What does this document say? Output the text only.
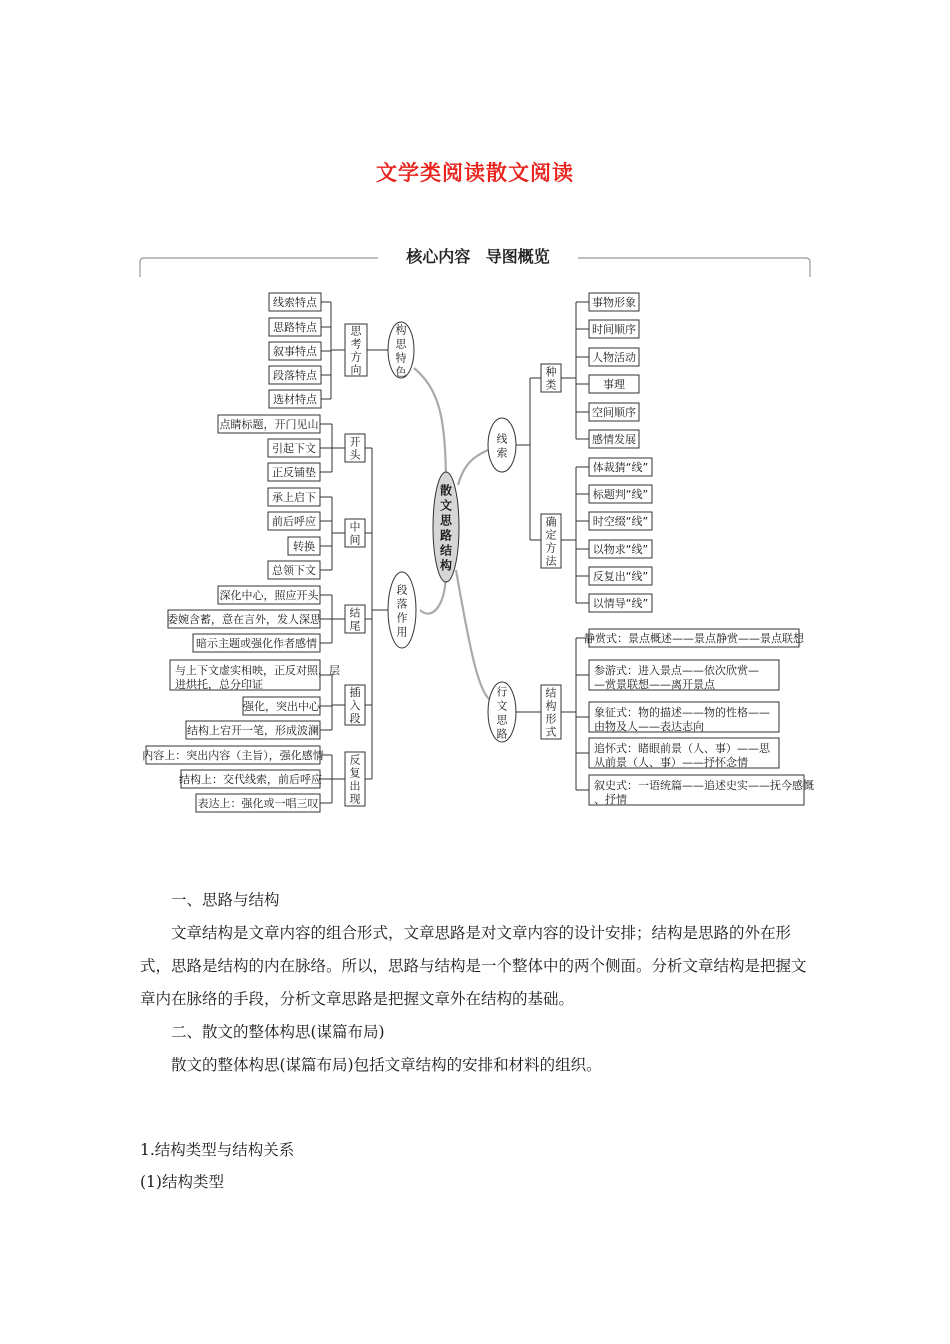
文学类阅读散文阅读
线索特点
思路特点
叙事特点
段落特点
选材特点
思
考
方
向
构
思
特
色
点睛标题，开门见山
引起下文
正反铺垫
开
头
承上启下
前后呼应
转换
总领下文
中
间
深化中心，照应开头
委婉含蓄，意在言外，发人深思
暗示主题或强化作者感情
结
尾
与上下文虚实相映，正反对照，层
进烘托，总分印证
强化，突出中心
结构上宕开一笔，形成波澜
插
入
段
内容上：突出内容（主旨），强化感情
结构上：交代线索，前后呼应
表达上：强化或一唱三叹
反
复
出
现
段
落
作
用
散
文
思
路
结
构
线
索
种
类
确
定
方
法
事物形象
时间顺序
人物活动
事理
空间顺序
感情发展
体裁猜“线”
标题判“线”
时空缀“线”
以物求“线”
反复出“线”
以情导“线”
行
文
思
路
结
构
形
式
静赏式：景点概述——景点静赏——景点联想
参游式：进入景点——依次欣赏—
—赏景联想——离开景点
象征式：物的描述——物的性格——
由物及人——表达志向
追怀式：睹眼前景（人、事）——思
从前景（人、事）——抒怀念情
叙史式：一语统篇——追述史实——抚今感慨
、抒情
核心内容 导图概览

一、思路与结构

文章结构是文章内容的组合形式，文章思路是对文章内容的设计安排；结构是思路的外在形式，思路是结构的内在脉络。所以，思路与结构是一个整体中的两个侧面。分析文章结构是把握文章内在脉络的手段，分析文章思路是把握文章外在结构的基础。

二、散文的整体构思(谋篇布局)

散文的整体构思(谋篇布局)包括文章结构的安排和材料的组织。

1.结构类型与结构关系

(1)结构类型
